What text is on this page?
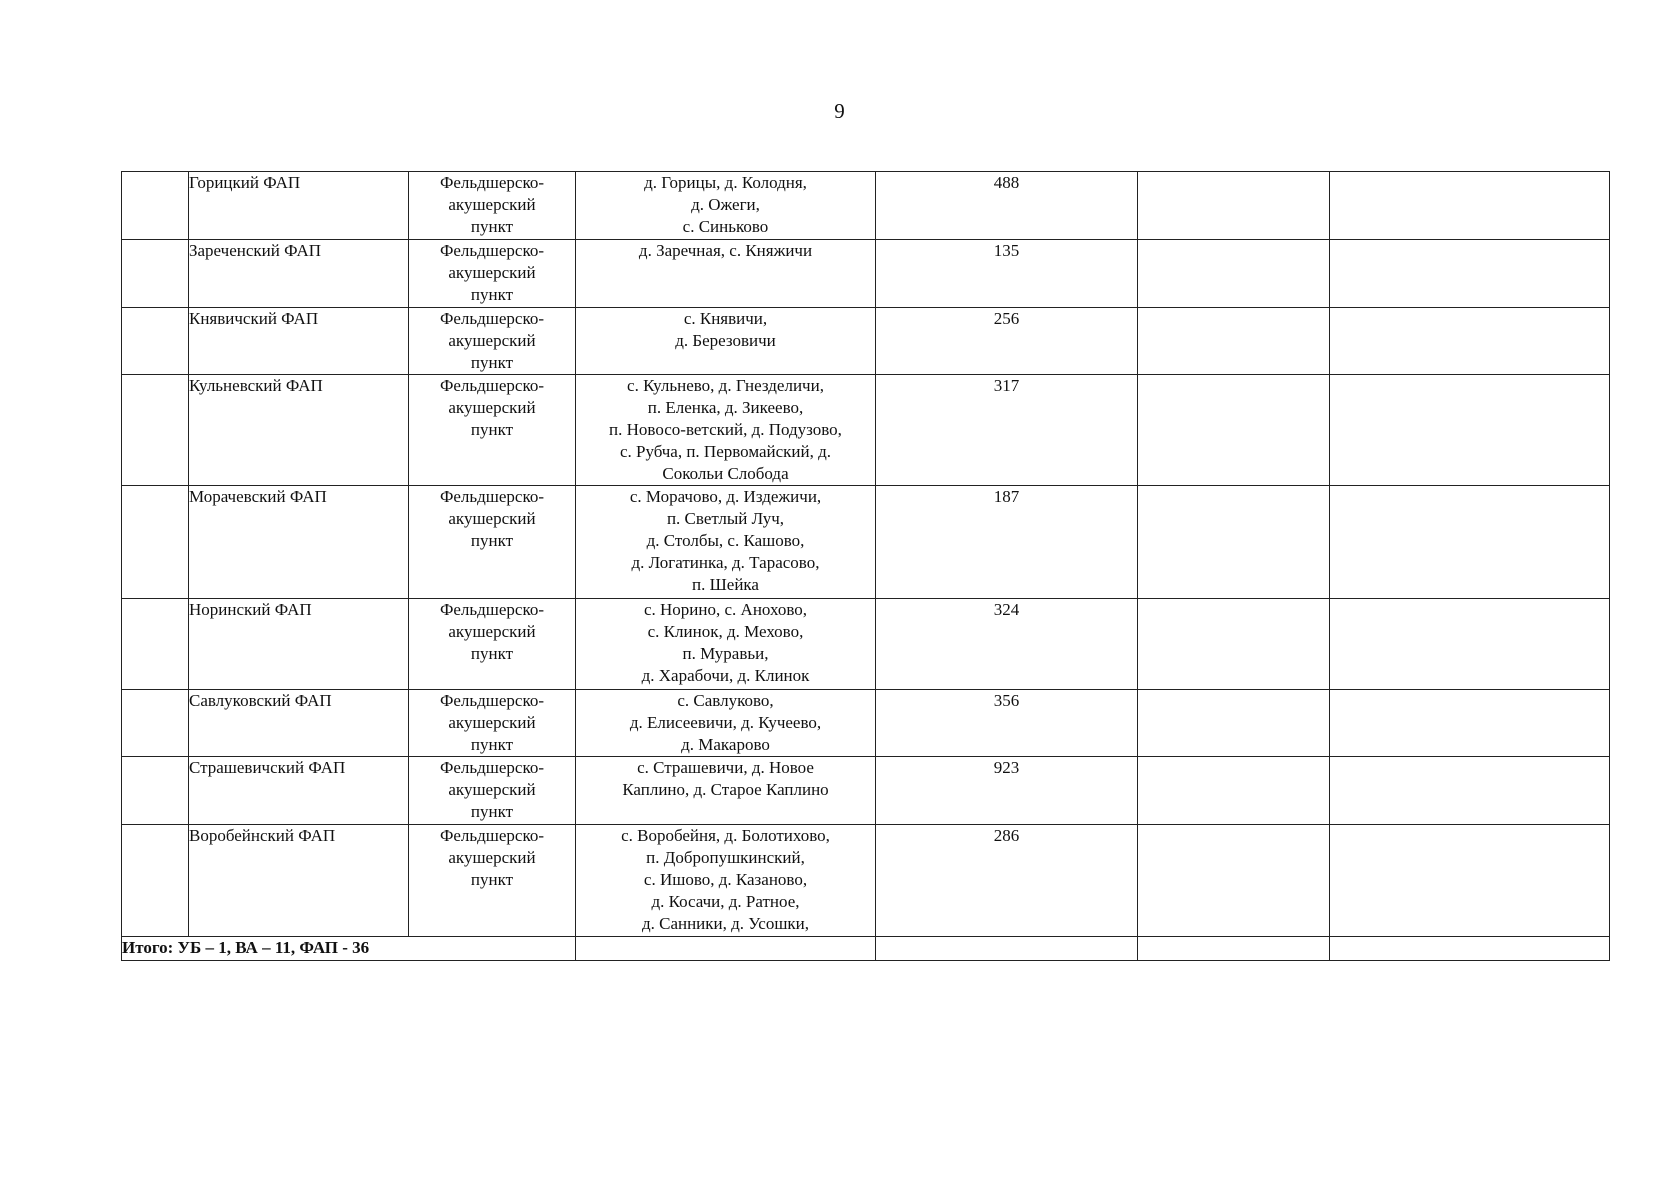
9
	Горицкий ФАП	Фельдшерско-
акушерский
пункт	д. Горицы, д. Колодня,
д. Ожеги,
с. Синьково	488		
	Зареченский ФАП	Фельдшерско-
акушерский
пункт	д. Заречная, с. Княжичи	135		
	Княвичский ФАП	Фельдшерско-
акушерский
пункт	с. Княвичи,
д. Березовичи	256		
	Кульневский ФАП	Фельдшерско-
акушерский
пункт	с. Кульнево, д. Гнезделичи,
п. Еленка, д. Зикеево,
п. Новосо-ветский, д. Подузово,
с. Рубча, п. Первомайский, д.
Сокольи Слобода	317		
	Морачевский ФАП	Фельдшерско-
акушерский
пункт	с. Морачово, д. Издежичи,
п. Светлый Луч,
д. Столбы, с. Кашово,
д. Логатинка, д. Тарасово,
п. Шейка	187		
	Норинский ФАП	Фельдшерско-
акушерский
пункт	с. Норино, с. Анохово,
с. Клинок, д. Мехово,
п. Муравьи,
д. Харабочи, д. Клинок	324		
	Савлуковский ФАП	Фельдшерско-
акушерский
пункт	с. Савлуково,
д. Елисеевичи, д. Кучеево,
д. Макарово	356		
	Страшевичский ФАП	Фельдшерско-
акушерский
пункт	с. Страшевичи, д. Новое
Каплино, д. Старое Каплино	923		
	Воробейнский ФАП	Фельдшерско-
акушерский
пункт	с. Воробейня, д. Болотихово,
п. Добропушкинский,
с. Ишово, д. Казаново,
д. Косачи, д. Ратное,
д. Санники, д. Усошки,	286		
Итого: УБ – 1, ВА – 11, ФАП - 36						
